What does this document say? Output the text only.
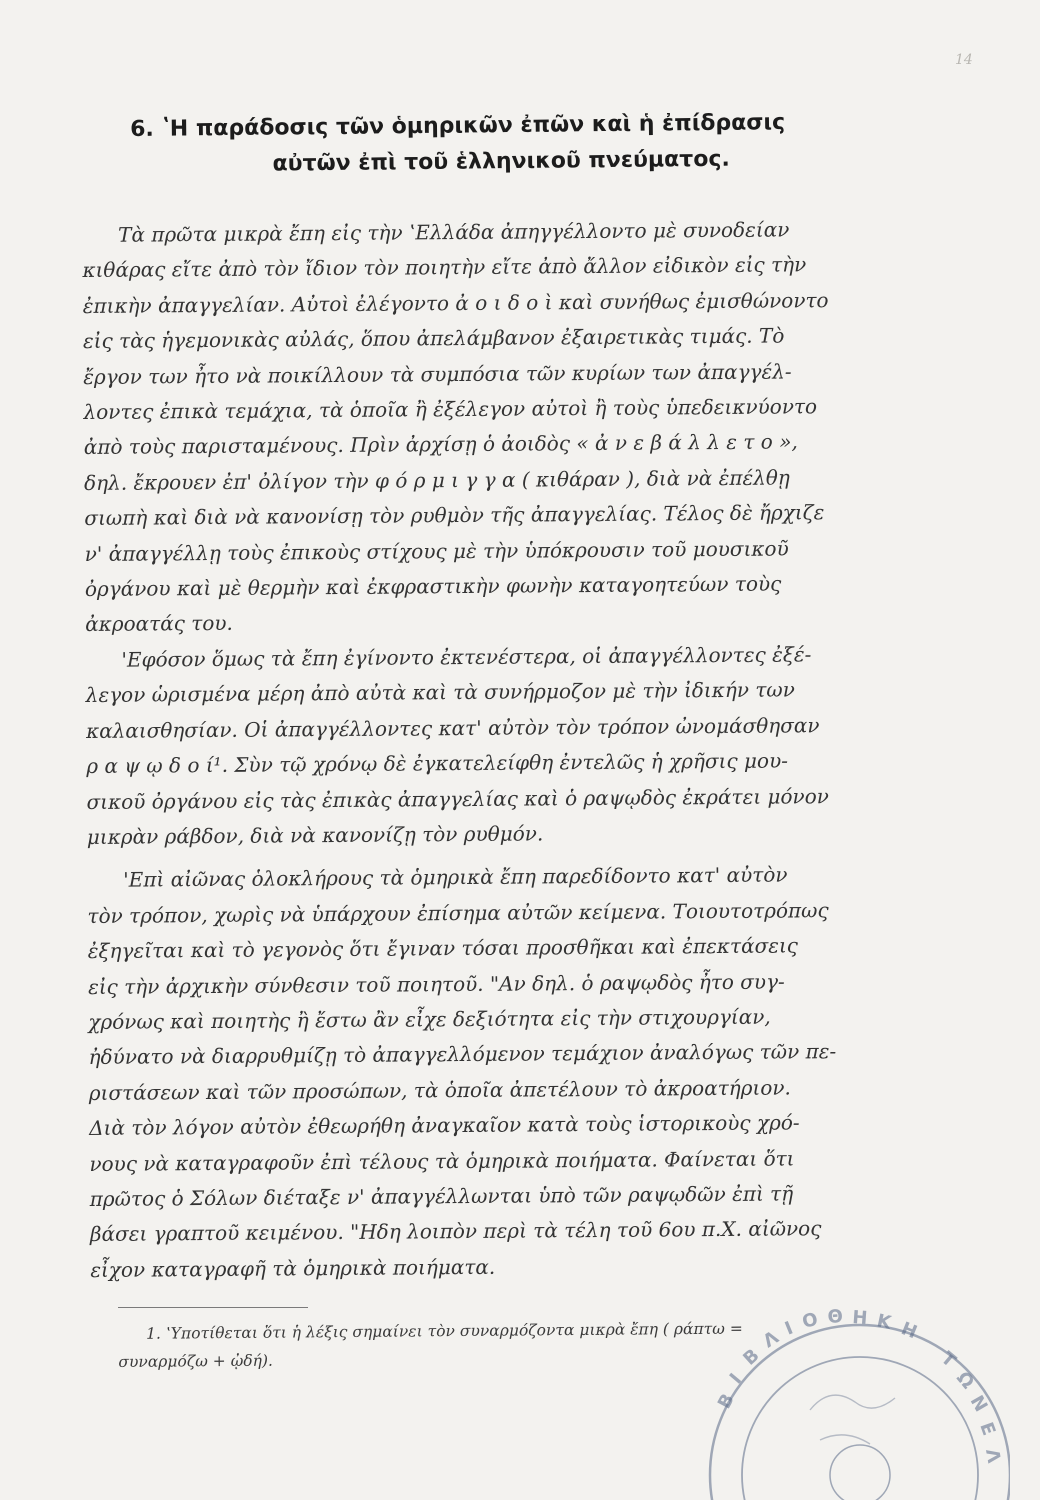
14
6. ʽΗ παράδοσις τῶν ὁμηρικῶν ἐπῶν καὶ ἡ ἐπίδρασις
αὐτῶν ἐπὶ τοῦ ἑλληνικοῦ πνεύματος.
Τὰ πρῶτα μικρὰ ἔπη εἰς τὴν ʽΕλλάδα ἀπηγγέλλοντο μὲ συνοδείαν
κιθάρας εἴτε ἀπὸ τὸν ἴδιον τὸν ποιητὴν εἴτε ἀπὸ ἄλλον εἰδικὸν εἰς τὴν
ἐπικὴν ἀπαγγελίαν. Αὐτοὶ ἐλέγοντο ἀ ο ι δ ο ὶ καὶ συνήθως ἐμισθώνοντο
εἰς τὰς ἡγεμονικὰς αὐλάς, ὅπου ἀπελάμβανον ἐξαιρετικὰς τιμάς. Τὸ
ἔργον των ἦτο νὰ ποικίλλουν τὰ συμπόσια τῶν κυρίων των ἀπαγγέλ-
λοντες ἐπικὰ τεμάχια, τὰ ὁποῖα ἢ ἐξέλεγον αὐτοὶ ἢ τοὺς ὑπεδεικνύοντο
ἀπὸ τοὺς παρισταμένους. Πρὶν ἀρχίσῃ ὁ ἀοιδὸς « ἀ ν ε β ά λ λ ε τ ο »,
δηλ. ἔκρουεν ἐπ' ὀλίγον τὴν φ ό ρ μ ι γ γ α ( κιθάραν ), διὰ νὰ ἐπέλθῃ
σιωπὴ καὶ διὰ νὰ κανονίσῃ τὸν ρυθμὸν τῆς ἀπαγγελίας. Τέλος δὲ ἤρχιζε
ν' ἀπαγγέλλῃ τοὺς ἐπικοὺς στίχους μὲ τὴν ὑπόκρουσιν τοῦ μουσικοῦ
ὀργάνου καὶ μὲ θερμὴν καὶ ἐκφραστικὴν φωνὴν καταγοητεύων τοὺς
ἀκροατάς του.
'Εφόσον ὅμως τὰ ἔπη ἐγίνοντο ἐκτενέστερα, οἱ ἀπαγγέλλοντες ἐξέ-
λεγον ὡρισμένα μέρη ἀπὸ αὐτὰ καὶ τὰ συνήρμοζον μὲ τὴν ἰδικήν των
καλαισθησίαν. Οἱ ἀπαγγέλλοντες κατ' αὐτὸν τὸν τρόπον ὠνομάσθησαν
ρ α ψ ῳ δ ο ί¹. Σὺν τῷ χρόνῳ δὲ ἐγκατελείφθη ἐντελῶς ἡ χρῆσις μου-
σικοῦ ὀργάνου εἰς τὰς ἐπικὰς ἀπαγγελίας καὶ ὁ ραψῳδὸς ἐκράτει μόνον
μικρὰν ράβδον, διὰ νὰ κανονίζῃ τὸν ρυθμόν.
'Επὶ αἰῶνας ὁλοκλήρους τὰ ὁμηρικὰ ἔπη παρεδίδοντο κατ' αὐτὸν
τὸν τρόπον, χωρὶς νὰ ὑπάρχουν ἐπίσημα αὐτῶν κείμενα. Τοιουτοτρόπως
ἐξηγεῖται καὶ τὸ γεγονὸς ὅτι ἔγιναν τόσαι προσθῆκαι καὶ ἐπεκτάσεις
εἰς τὴν ἀρχικὴν σύνθεσιν τοῦ ποιητοῦ. "Αν δηλ. ὁ ραψῳδὸς ἦτο συγ-
χρόνως καὶ ποιητὴς ἢ ἔστω ἂν εἶχε δεξιότητα εἰς τὴν στιχουργίαν,
ἠδύνατο νὰ διαρρυθμίζῃ τὸ ἀπαγγελλόμενον τεμάχιον ἀναλόγως τῶν πε-
ριστάσεων καὶ τῶν προσώπων, τὰ ὁποῖα ἀπετέλουν τὸ ἀκροατήριον.
Διὰ τὸν λόγον αὐτὸν ἐθεωρήθη ἀναγκαῖον κατὰ τοὺς ἱστορικοὺς χρό-
νους νὰ καταγραφοῦν ἐπὶ τέλους τὰ ὁμηρικὰ ποιήματα. Φαίνεται ὅτι
πρῶτος ὁ Σόλων διέταξε ν' ἀπαγγέλλωνται ὑπὸ τῶν ραψῳδῶν ἐπὶ τῇ
βάσει γραπτοῦ κειμένου. "Ηδη λοιπὸν περὶ τὰ τέλη τοῦ 6ου π.Χ. αἰῶνος
εἶχον καταγραφῆ τὰ ὁμηρικὰ ποιήματα.
1. ʽΥποτίθεται ὅτι ἡ λέξις σημαίνει τὸν συναρμόζοντα μικρὰ ἔπη ( ράπτω =
συναρμόζω + ᾠδή).
Β
Ι
Β
Λ Ι Ο Θ Η Κ Η
Τ
Ω
Ν
Ε
Λ
